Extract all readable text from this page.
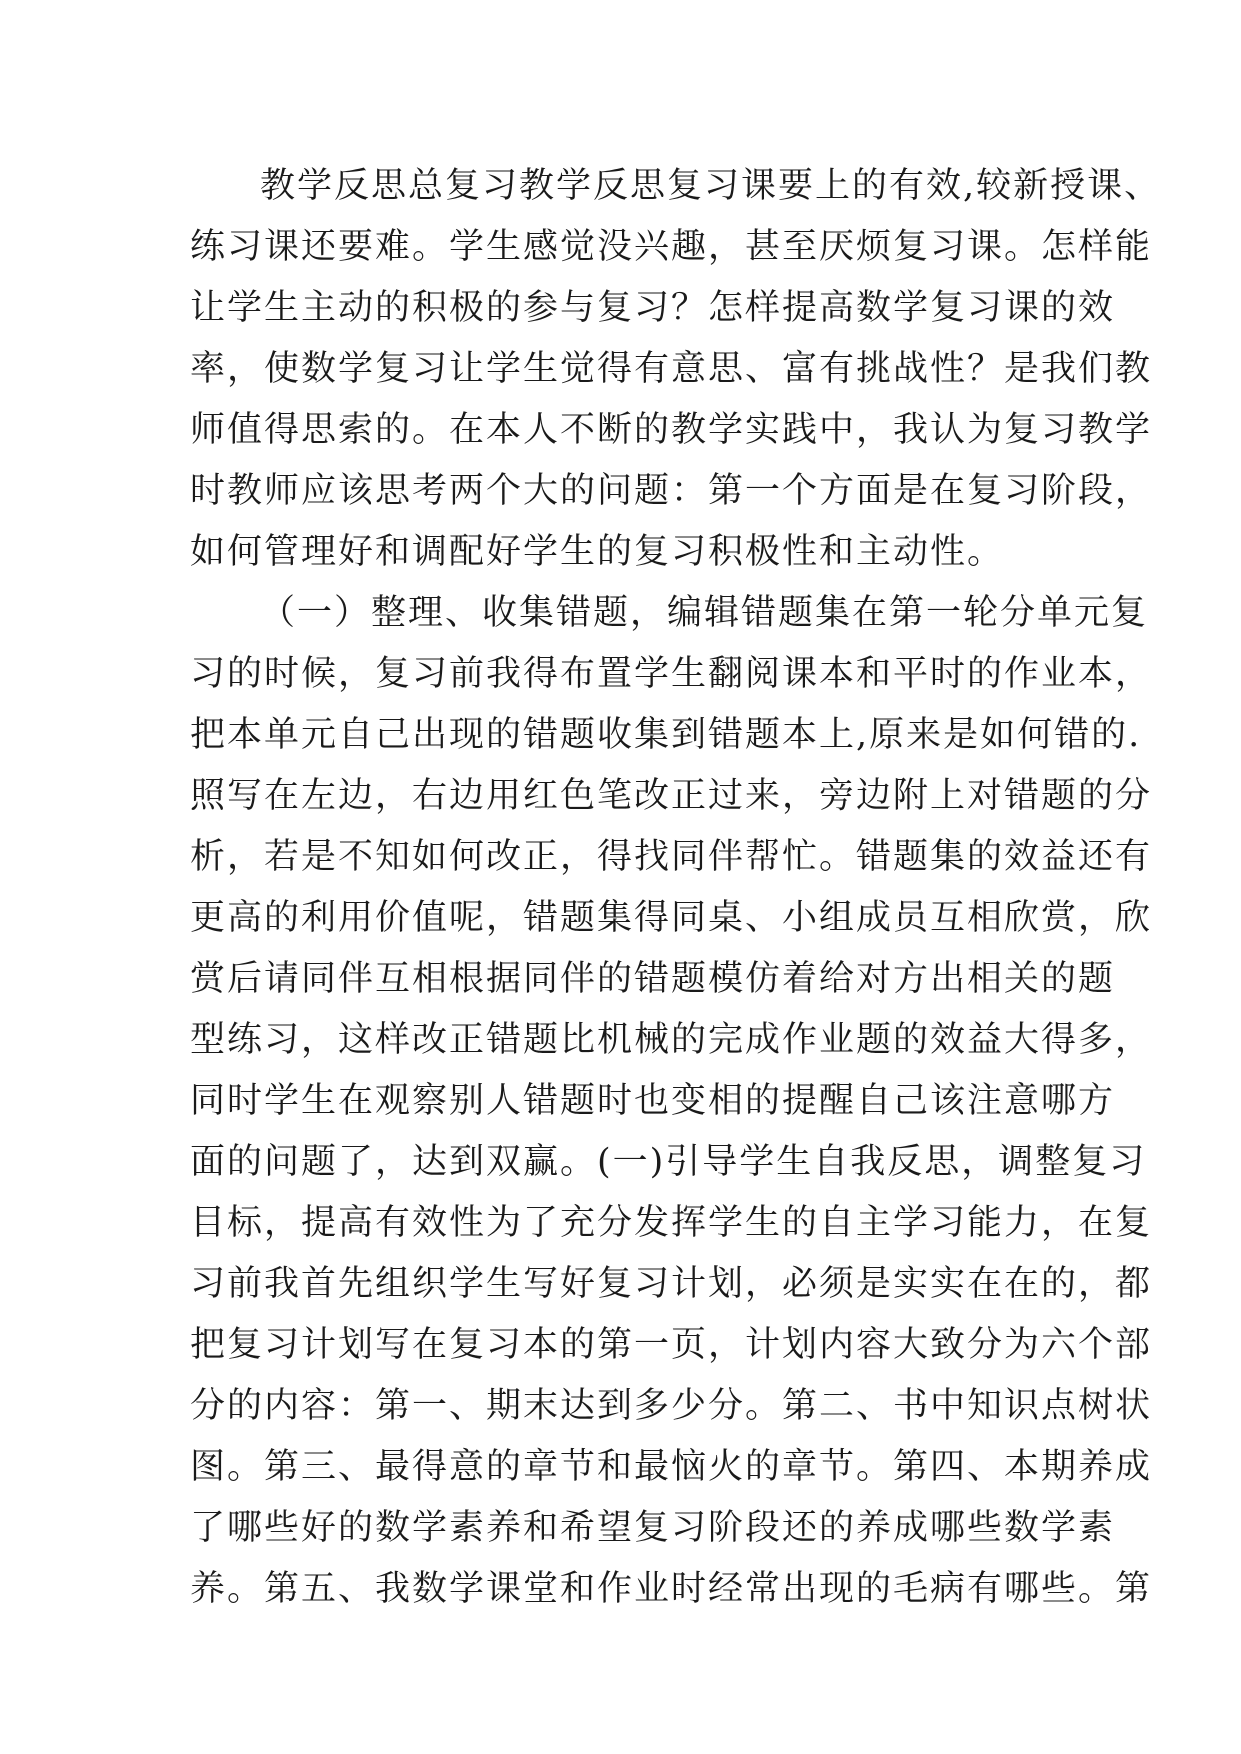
教学反思总复习教学反思复习课要上的有效,较新授课、
练习课还要难。学生感觉没兴趣，甚至厌烦复习课。怎样能
让学生主动的积极的参与复习？怎样提高数学复习课的效
率，使数学复习让学生觉得有意思、富有挑战性？是我们教
师值得思索的。在本人不断的教学实践中，我认为复习教学
时教师应该思考两个大的问题：第一个方面是在复习阶段，
如何管理好和调配好学生的复习积极性和主动性。
（一）整理、收集错题，编辑错题集在第一轮分单元复
习的时候，复习前我得布置学生翻阅课本和平时的作业本，
把本单元自己出现的错题收集到错题本上,原来是如何错的.
照写在左边，右边用红色笔改正过来，旁边附上对错题的分
析，若是不知如何改正，得找同伴帮忙。错题集的效益还有
更高的利用价值呢，错题集得同桌、小组成员互相欣赏，欣
赏后请同伴互相根据同伴的错题模仿着给对方出相关的题
型练习，这样改正错题比机械的完成作业题的效益大得多，
同时学生在观察别人错题时也变相的提醒自己该注意哪方
面的问题了，达到双赢。(一)引导学生自我反思，调整复习
目标，提高有效性为了充分发挥学生的自主学习能力，在复
习前我首先组织学生写好复习计划，必须是实实在在的，都
把复习计划写在复习本的第一页，计划内容大致分为六个部
分的内容：第一、期末达到多少分。第二、书中知识点树状
图。第三、最得意的章节和最恼火的章节。第四、本期养成
了哪些好的数学素养和希望复习阶段还的养成哪些数学素
养。第五、我数学课堂和作业时经常出现的毛病有哪些。第
